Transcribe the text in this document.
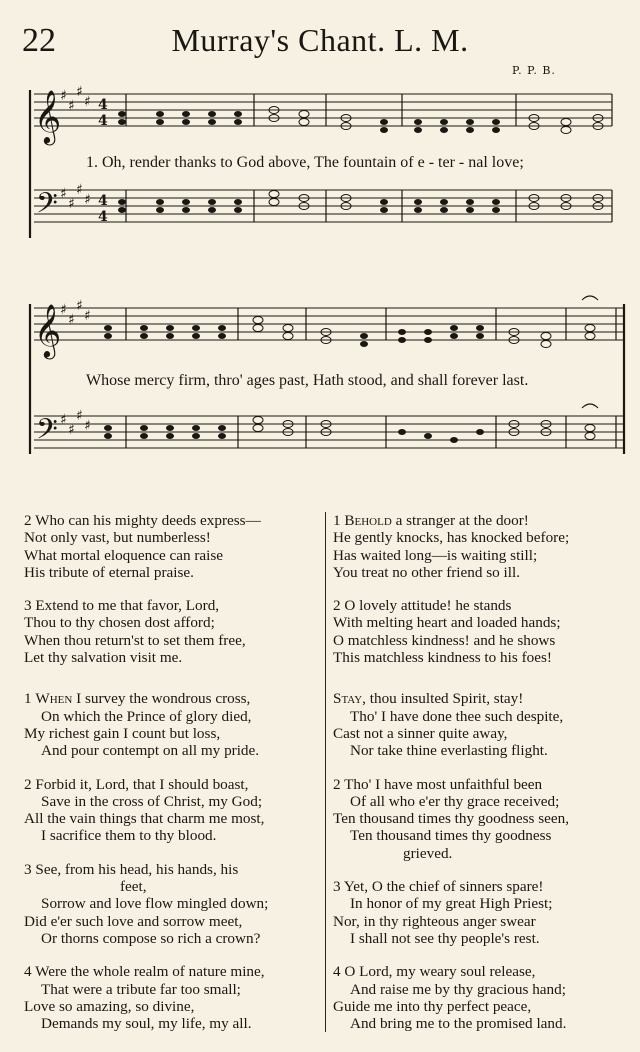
22	Murray's Chant. L. M.
P. P. B.
𝄞
𝄢
♯
♯
♯
♯
♯
♯
♯
♯
4
4
4
4
1. Oh, render thanks to God above, The fountain of e - ter - nal love;
𝄞
𝄢
♯
♯
♯
♯
♯
♯
♯
♯
Whose mercy firm, thro' ages past, Hath stood, and shall forever last.
2 Who can his mighty deeds express—
Not only vast, but numberless!
What mortal eloquence can raise
His tribute of eternal praise.
3 Extend to me that favor, Lord,
Thou to thy chosen dost afford;
When thou return'st to set them free,
Let thy salvation visit me.
1 When I survey the wondrous cross,
On which the Prince of glory died,
My richest gain I count but loss,
And pour contempt on all my pride.
2 Forbid it, Lord, that I should boast,
Save in the cross of Christ, my God;
All the vain things that charm me most,
I sacrifice them to thy blood.
3 See, from his head, his hands, his
feet,
Sorrow and love flow mingled down;
Did e'er such love and sorrow meet,
Or thorns compose so rich a crown?
4 Were the whole realm of nature mine,
That were a tribute far too small;
Love so amazing, so divine,
Demands my soul, my life, my all.
1 Behold a stranger at the door!
He gently knocks, has knocked before;
Has waited long—is waiting still;
You treat no other friend so ill.
2 O lovely attitude! he stands
With melting heart and loaded hands;
O matchless kindness! and he shows
This matchless kindness to his foes!
Stay, thou insulted Spirit, stay!
Tho' I have done thee such despite,
Cast not a sinner quite away,
Nor take thine everlasting flight.
2 Tho' I have most unfaithful been
Of all who e'er thy grace received;
Ten thousand times thy goodness seen,
Ten thousand times thy goodness
grieved.
3 Yet, O the chief of sinners spare!
In honor of my great High Priest;
Nor, in thy righteous anger swear
I shall not see thy people's rest.
4 O Lord, my weary soul release,
And raise me by thy gracious hand;
Guide me into thy perfect peace,
And bring me to the promised land.
